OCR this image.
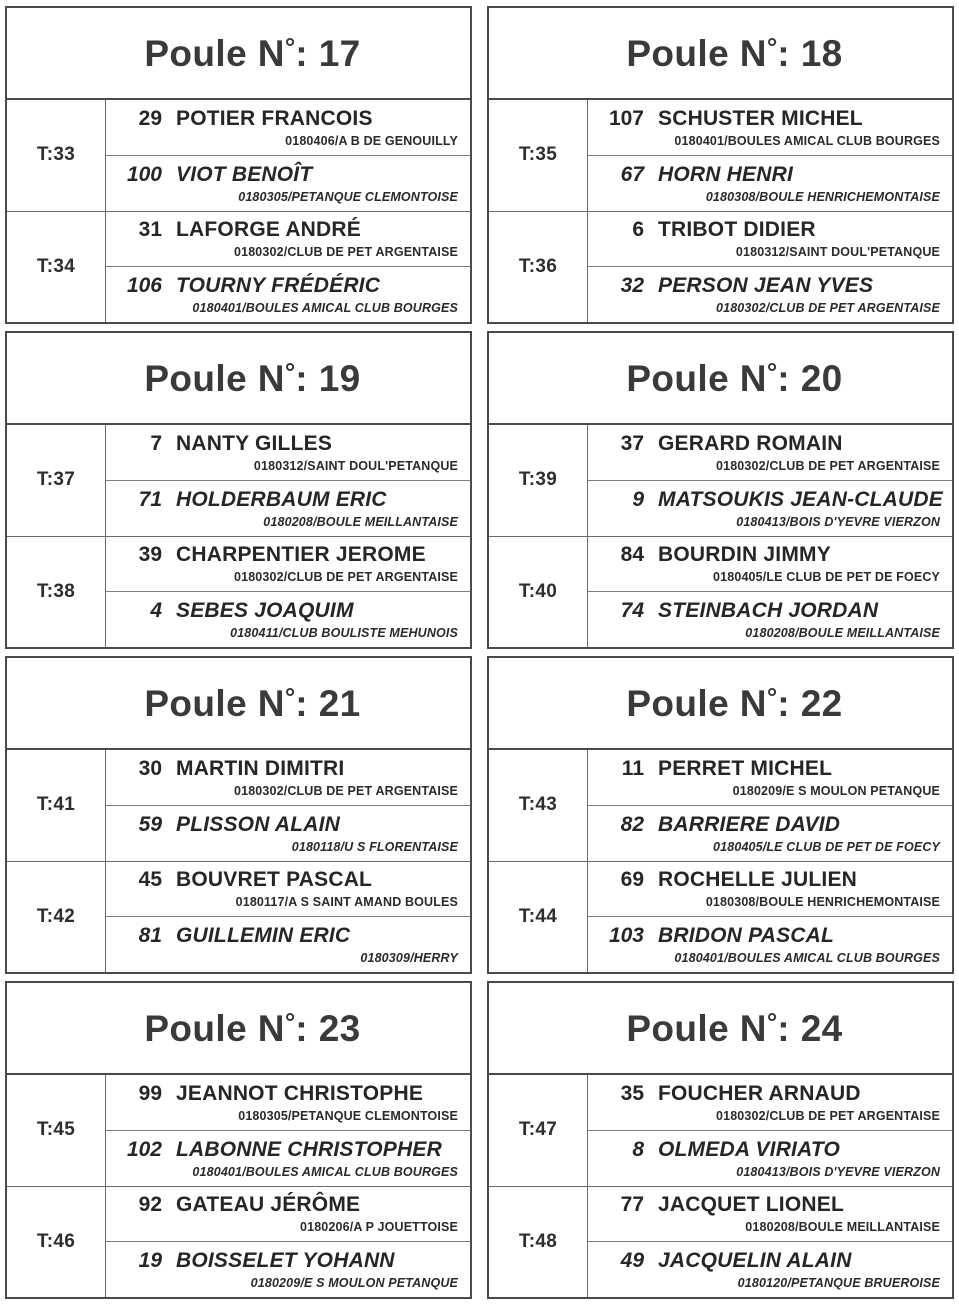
Poule N°: 17
T:33
29 POTIER FRANCOIS
0180406/A B DE GENOUILLY
100 VIOT BENOÎT
0180305/PETANQUE CLEMONTOISE
T:34
31 LAFORGE ANDRÉ
0180302/CLUB DE PET ARGENTAISE
106 TOURNY FRÉDÉRIC
0180401/BOULES AMICAL CLUB BOURGES
Poule N°: 18
T:35
107 SCHUSTER MICHEL
0180401/BOULES AMICAL CLUB BOURGES
67 HORN HENRI
0180308/BOULE HENRICHEMONTAISE
T:36
6 TRIBOT DIDIER
0180312/SAINT DOUL'PETANQUE
32 PERSON JEAN YVES
0180302/CLUB DE PET ARGENTAISE
Poule N°: 19
T:37
7 NANTY GILLES
0180312/SAINT DOUL'PETANQUE
71 HOLDERBAUM ERIC
0180208/BOULE MEILLANTAISE
T:38
39 CHARPENTIER JEROME
0180302/CLUB DE PET ARGENTAISE
4 SEBES JOAQUIM
0180411/CLUB BOULISTE MEHUNOIS
Poule N°: 20
T:39
37 GERARD ROMAIN
0180302/CLUB DE PET ARGENTAISE
9 MATSOUKIS JEAN-CLAUDE
0180413/BOIS D'YEVRE VIERZON
T:40
84 BOURDIN JIMMY
0180405/LE CLUB DE PET DE FOECY
74 STEINBACH JORDAN
0180208/BOULE MEILLANTAISE
Poule N°: 21
T:41
30 MARTIN DIMITRI
0180302/CLUB DE PET ARGENTAISE
59 PLISSON ALAIN
0180118/U S FLORENTAISE
T:42
45 BOUVRET PASCAL
0180117/A S SAINT AMAND BOULES
81 GUILLEMIN ERIC
0180309/HERRY
Poule N°: 22
T:43
11 PERRET MICHEL
0180209/E S MOULON PETANQUE
82 BARRIERE DAVID
0180405/LE CLUB DE PET DE FOECY
T:44
69 ROCHELLE JULIEN
0180308/BOULE HENRICHEMONTAISE
103 BRIDON PASCAL
0180401/BOULES AMICAL CLUB BOURGES
Poule N°: 23
T:45
99 JEANNOT CHRISTOPHE
0180305/PETANQUE CLEMONTOISE
102 LABONNE CHRISTOPHER
0180401/BOULES AMICAL CLUB BOURGES
T:46
92 GATEAU JÉRÔME
0180206/A P JOUETTOISE
19 BOISSELET YOHANN
0180209/E S MOULON PETANQUE
Poule N°: 24
T:47
35 FOUCHER ARNAUD
0180302/CLUB DE PET ARGENTAISE
8 OLMEDA VIRIATO
0180413/BOIS D'YEVRE VIERZON
T:48
77 JACQUET LIONEL
0180208/BOULE MEILLANTAISE
49 JACQUELIN ALAIN
0180120/PETANQUE BRUEROISE
